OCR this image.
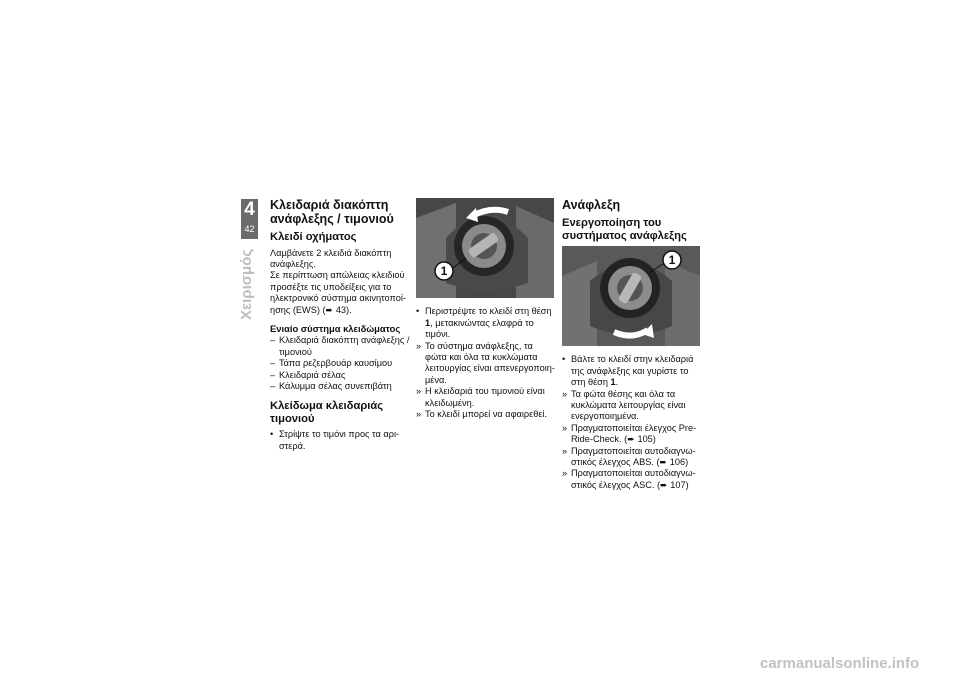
4
42
Χειρισμός
Κλειδαριά διακόπτη ανάφλεξης / τιμονιού
Κλειδί οχήματος

Λαμβάνετε 2 κλειδιά διακόπτη ανάφλεξης.

Σε περίπτωση απώλειας κλειδιού προσέξτε τις υποδείξεις για το ηλεκτρονικό σύστημα ακινητοποί-ησης (EWS) (➨ 43).

Ενιαίο σύστημα κλειδώματος
– Κλειδαριά διακόπτη ανάφλεξης / τιμονιού
– Τάπα ρεζερβουάρ καυσίμου
– Κλειδαριά σέλας
– Κάλυμμα σέλας συνεπιβάτη
Κλείδωμα κλειδαριάς τιμονιού
• Στρίψτε το τιμόνι προς τα αρι-στερά.
1
• Περιστρέψτε το κλειδί στη θέση 1, μετακινώντας ελαφρά το τιμόνι.
» Το σύστημα ανάφλεξης, τα φώτα και όλα τα κυκλώματα λειτουργίας είναι απενεργοποιη-μένα.
» Η κλειδαριά του τιμονιού είναι κλειδωμένη.
» Το κλειδί μπορεί να αφαιρεθεί.
Ανάφλεξη
Ενεργοποίηση του συστήματος ανάφλεξης
1
• Βάλτε το κλειδί στην κλειδαριά της ανάφλεξης και γυρίστε το στη θέση 1.
» Τα φώτα θέσης και όλα τα κυκλώματα λειτουργίας είναι ενεργοποιημένα.
» Πραγματοποιείται έλεγχος Pre-Ride-Check. (➨ 105)
» Πραγματοποιείται αυτοδιαγνω-στικός έλεγχος ABS. (➨ 106)
» Πραγματοποιείται αυτοδιαγνω-στικός έλεγχος ASC. (➨ 107)
carmanualsonline.info
